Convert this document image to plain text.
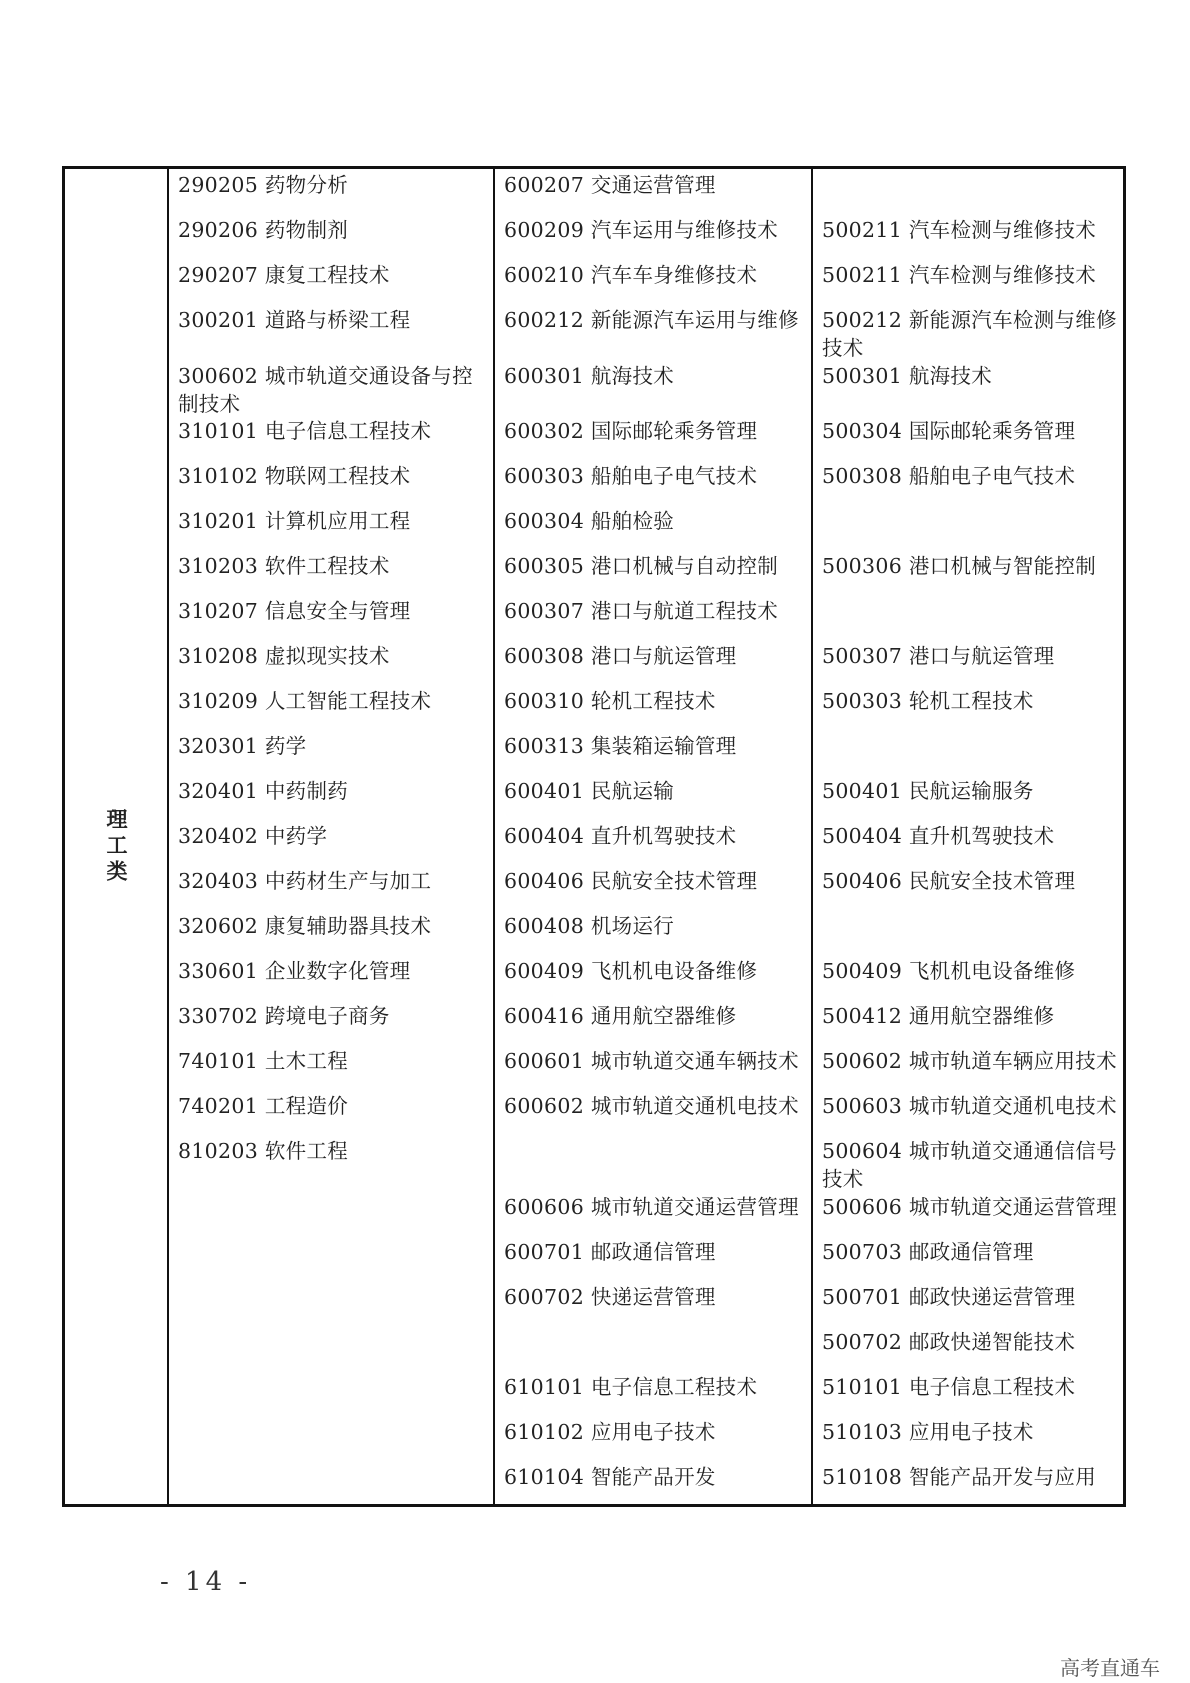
理工类
290205 药物分析
290206 药物制剂
290207 康复工程技术
300201 道路与桥梁工程
300602 城市轨道交通设备与控制技术
310101 电子信息工程技术
310102 物联网工程技术
310201 计算机应用工程
310203 软件工程技术
310207 信息安全与管理
310208 虚拟现实技术
310209 人工智能工程技术
320301 药学
320401 中药制药
320402 中药学
320403 中药材生产与加工
320602 康复辅助器具技术
330601 企业数字化管理
330702 跨境电子商务
740101 土木工程
740201 工程造价
810203 软件工程
600207 交通运营管理
600209 汽车运用与维修技术
600210 汽车车身维修技术
600212 新能源汽车运用与维修
600301 航海技术
600302 国际邮轮乘务管理
600303 船舶电子电气技术
600304 船舶检验
600305 港口机械与自动控制
600307 港口与航道工程技术
600308 港口与航运管理
600310 轮机工程技术
600313 集装箱运输管理
600401 民航运输
600404 直升机驾驶技术
600406 民航安全技术管理
600408 机场运行
600409 飞机机电设备维修
600416 通用航空器维修
600601 城市轨道交通车辆技术
600602 城市轨道交通机电技术
600606 城市轨道交通运营管理
600701 邮政通信管理
600702 快递运营管理
610101 电子信息工程技术
610102 应用电子技术
610104 智能产品开发
500211 汽车检测与维修技术
500211 汽车检测与维修技术
500212 新能源汽车检测与维修技术
500301 航海技术
500304 国际邮轮乘务管理
500308 船舶电子电气技术
500306 港口机械与智能控制
500307 港口与航运管理
500303 轮机工程技术
500401 民航运输服务
500404 直升机驾驶技术
500406 民航安全技术管理
500409 飞机机电设备维修
500412 通用航空器维修
500602 城市轨道车辆应用技术
500603 城市轨道交通机电技术
500604 城市轨道交通通信信号技术
500606 城市轨道交通运营管理
500703 邮政通信管理
500701 邮政快递运营管理
500702 邮政快递智能技术
510101 电子信息工程技术
510103 应用电子技术
510108 智能产品开发与应用
- 14 -
高考直通车
